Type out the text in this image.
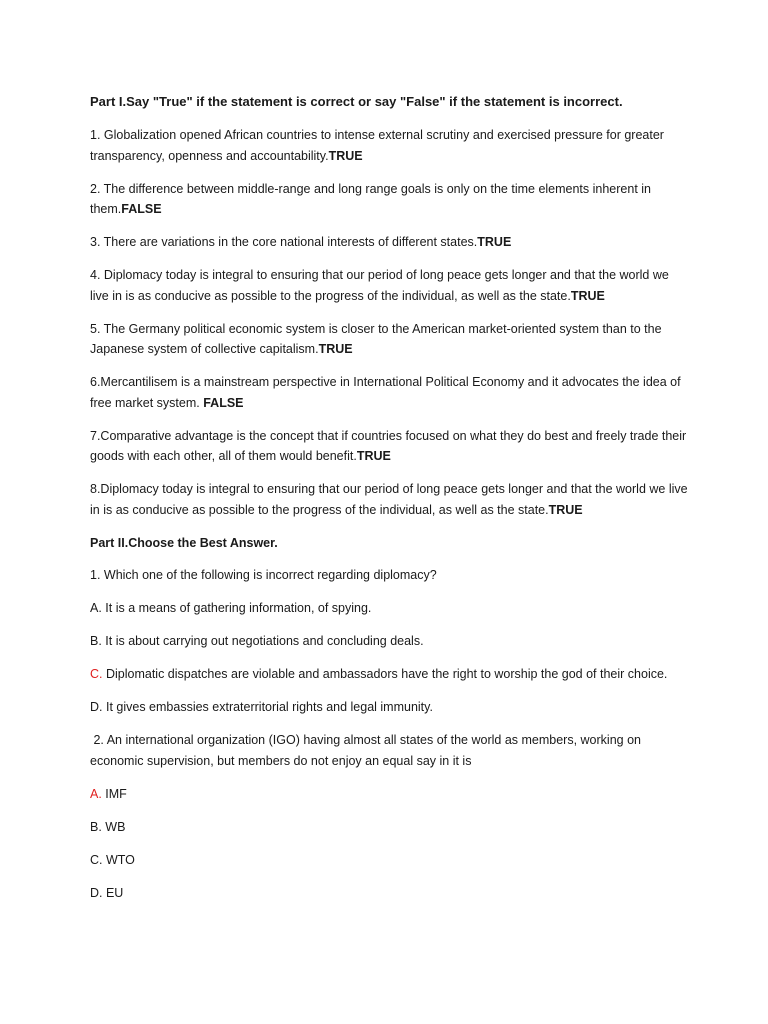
Part I.Say "True" if the statement is correct or say "False" if the statement is incorrect.

1. Globalization opened African countries to intense external scrutiny and exercised pressure for greater transparency, openness and accountability.TRUE

2. The difference between middle-range and long range goals is only on the time elements inherent in them.FALSE

3. There are variations in the core national interests of different states.TRUE

4. Diplomacy today is integral to ensuring that our period of long peace gets longer and that the world we live in is as conducive as possible to the progress of the individual, as well as the state.TRUE

5. The Germany political economic system is closer to the American market-oriented system than to the Japanese system of collective capitalism.TRUE

6.Mercantilisem is a mainstream perspective in International Political Economy and it advocates the idea of free market system. FALSE

7.Comparative advantage is the concept that if countries focused on what they do best and freely trade their goods with each other, all of them would benefit.TRUE

8.Diplomacy today is integral to ensuring that our period of long peace gets longer and that the world we live in is as conducive as possible to the progress of the individual, as well as the state.TRUE

Part II.Choose the Best Answer.

1. Which one of the following is incorrect regarding diplomacy?

A. It is a means of gathering information, of spying.

B. It is about carrying out negotiations and concluding deals.

C. Diplomatic dispatches are violable and ambassadors have the right to worship the god of their choice.

D. It gives embassies extraterritorial rights and legal immunity.

2. An international organization (IGO) having almost all states of the world as members, working on economic supervision, but members do not enjoy an equal say in it is

A. IMF

B. WB

C. WTO

D. EU
